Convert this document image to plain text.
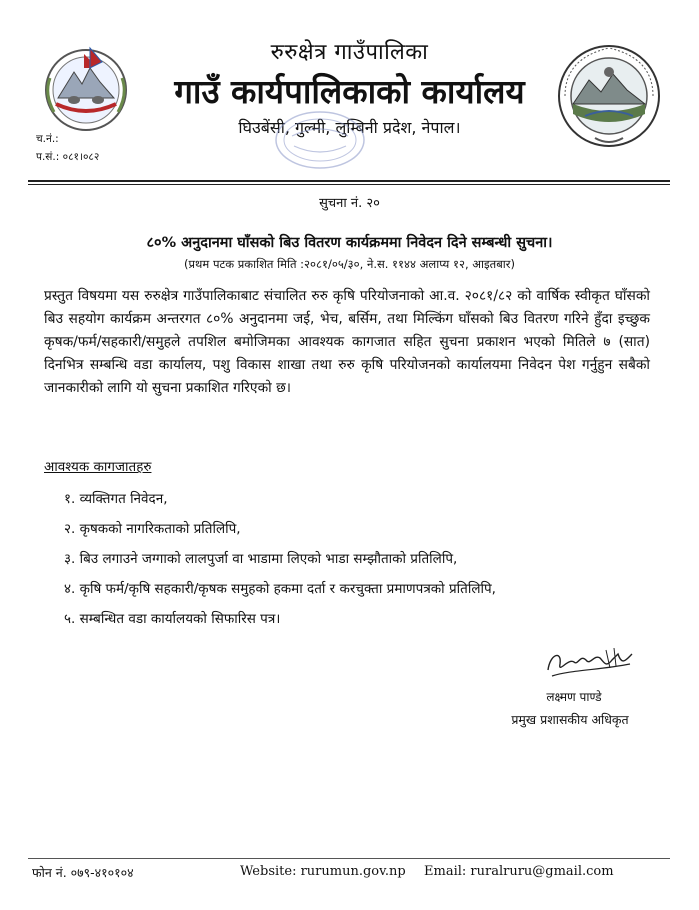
रुरुक्षेत्र गाउँपालिका
गाउँ कार्यपालिकाको कार्यालय
घिउबेंसी, गुल्मी, लुम्बिनी प्रदेश, नेपाल।
च.नं.:
प.सं.: ०८१।०८२
सुचना नं. २०
८०% अनुदानमा घाँसको बिउ वितरण कार्यक्रममा निवेदन दिने सम्बन्धी सुचना।
(प्रथम पटक प्रकाशित मिति :२०८१/०५/३०, ने.स. ११४४ अलाप्य १२, आइतबार)
प्रस्तुत विषयमा यस रुरुक्षेत्र गाउँपालिकाबाट संचालित रुरु कृषि परियोजनाको आ.व. २०८१/८२ को वार्षिक स्वीकृत घाँसको बिउ सहयोग कार्यक्रम अन्तरगत ८०% अनुदानमा जई, भेच, बर्सिम, तथा मिल्किंग घाँसको बिउ वितरण गरिने हुँदा इच्छुक कृषक/फर्म/सहकारी/समुहले तपशिल बमोजिमका आवश्यक कागजात सहित सुचना प्रकाशन भएको मितिले ७ (सात) दिनभित्र सम्बन्धि वडा कार्यालय, पशु विकास शाखा तथा रुरु कृषि परियोजनको कार्यालयमा निवेदन पेश गर्नुहुन सबैको जानकारीको लागि यो सुचना प्रकाशित गरिएको छ।
आवश्यक कागजातहरु
१. व्यक्तिगत निवेदन,
२. कृषकको नागरिकताको प्रतिलिपि,
३. बिउ लगाउने जग्गाको लालपुर्जा वा भाडामा लिएको भाडा सम्झौताको प्रतिलिपि,
४. कृषि फर्म/कृषि सहकारी/कृषक समुहको हकमा दर्ता र करचुक्ता प्रमाणपत्रको प्रतिलिपि,
५. सम्बन्धित वडा कार्यालयको सिफारिस पत्र।
लक्ष्मण पाण्डे
प्रमुख प्रशासकीय अधिकृत
फोन नं. ०७९-४१०१०४	Website: rurumun.gov.np Email: ruralruru@gmail.com
